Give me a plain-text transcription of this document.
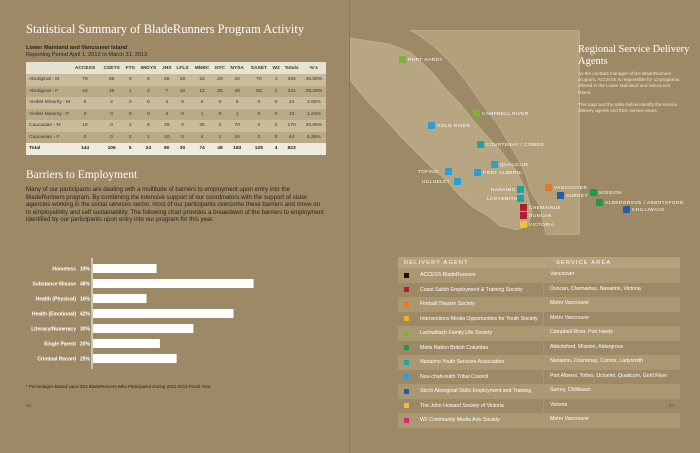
Statistical Summary of BladeRunners Program Activity
Lower Mainland and Vancouver Island
Reporting Period April 1, 2012 to March 31, 2013
	ACCESS	CSETS	FTS	IMOYS	JHS	LFLS	MNBC	NTC	NYSA	SASET	W2	Totals	%'s
Aboriginal - M	76	59	0	6	28	20	22	20	42	70	1	334	40.58%
Aboriginal - F	44	45	1	3	7	10	12	25	40	53	1	241	29.28%
Visible Minority - M	6	2	0	0	4	0	5	0	6	0	0	24	2.92%
Visible Minority - F	2	0	0	0	4	0	1	0	1	0	0	10	1.22%
Caucasian - M	16	0	2	9	39	0	30	2	70	0	2	170	20.66%
Caucasian - F	0	0	2	1	10	0	4	1	24	2	0	44	5.35%
Total	144	106	5	24	80	30	74	48	183	125	4	823	
Barriers to Employment
Many of our participants are dealing with a multitude of barriers to employment upon entry into the BladeRunners program. By combining the intensive support of our coordinators with the support of sister agencies working in the social services sector, most of our participants overcome these barriers and move on to employability and self sustainability. The following chart provides a breakdown of the barriers to employment identified by our participants upon entry into our program for this year.
Homeless 19%
Substance Misuse 48%
Health (Physical) 16%
Health (Emotional) 42%
Literacy/Numeracy 30%
Single Parent 20%
Criminal Record 25%
* Percentages Based Upon 823 BladeRunners Who Participated During 2012-2013 Fiscal Year
66
PORT HARDY
GOLD RIVER
CAMPBELL RIVER
COURTENAY / COMOX
QUALICUM
PORT ALBERNI
TOFINO
UCLUELET
NANAIMO
LADYSMITH
VANCOUVER
SURREY
MISSION
ALDERGROVE / ABBOTSFORD
CHILLIWACK
CHEMAINUS
DUNCAN
VICTORIA
Regional Service Delivery Agents

As the contract manager of the BladeRunners program, ACCESS is responsible for 13 programs offered in the Lower Mainland and Vancouver Island.

This map and the table below identify the service delivery agents and their service areas.

DELIVERY AGENT	SERVICE AREA
ACCESS BladeRunners	Vancouver
Coast Salish Employment & Training Society	Duncan, Chemainus, Nanaimo, Victoria
Fireball Theatre Society	Metro Vancouver
Intersections Media Opportunities for Youth Society	Metro Vancouver
Lachwiltach Family Life Society	Campbell River, Port Hardy
Métis Nation British Columbia	Abbotsford, Mission, Aldergrove
Nanaimo Youth Services Association	Nanaimo, Courtenay, Comox, Ladysmith
Nuu-chah-nulth Tribal Council	Port Alberni, Tofino, Ucluelet, Qualicum, Gold River
Sto:lo Aboriginal Skills Employment and Training	Surrey, Chilliwack
The John Howard Society of Victoria	Victoria
W2 Community Media Arts Society	Metro Vancouver
67
